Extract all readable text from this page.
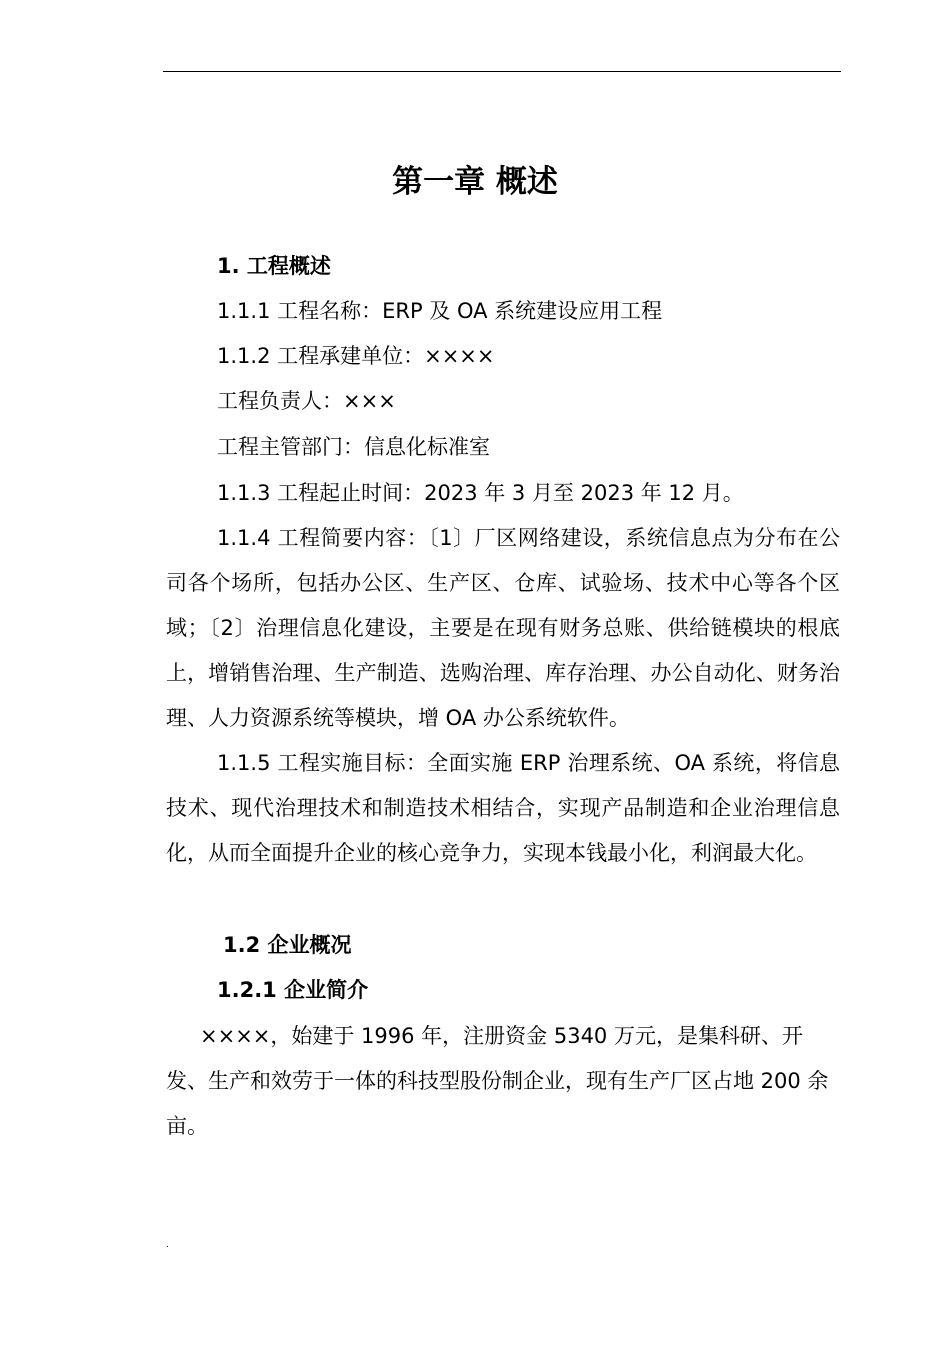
第一章 概述
1. 工程概述
1.1.1 工程名称：ERP 及 OA 系统建设应用工程
1.1.2 工程承建单位：××××
工程负责人：×××
工程主管部门：信息化标准室
1.1.3 工程起止时间：2023 年 3 月至 2023 年 12 月。

1.1.4 工程简要内容：〔1〕厂区网络建设，系统信息点为分布在公司各个场所，包括办公区、生产区、仓库、试验场、技术中心等各个区域；〔2〕治理信息化建设，主要是在现有财务总账、供给链模块的根底上，增销售治理、生产制造、选购治理、库存治理、办公自动化、财务治理、人力资源系统等模块，增 OA 办公系统软件。

1.1.5 工程实施目标：全面实施 ERP 治理系统、OA 系统，将信息技术、现代治理技术和制造技术相结合，实现产品制造和企业治理信息化，从而全面提升企业的核心竞争力，实现本钱最小化，利润最大化。

1.2 企业概况
1.2.1 企业简介

××××，始建于 1996 年，注册资金 5340 万元，是集科研、开发、生产和效劳于一体的科技型股份制企业，现有生产厂区占地 200 余亩。

.
